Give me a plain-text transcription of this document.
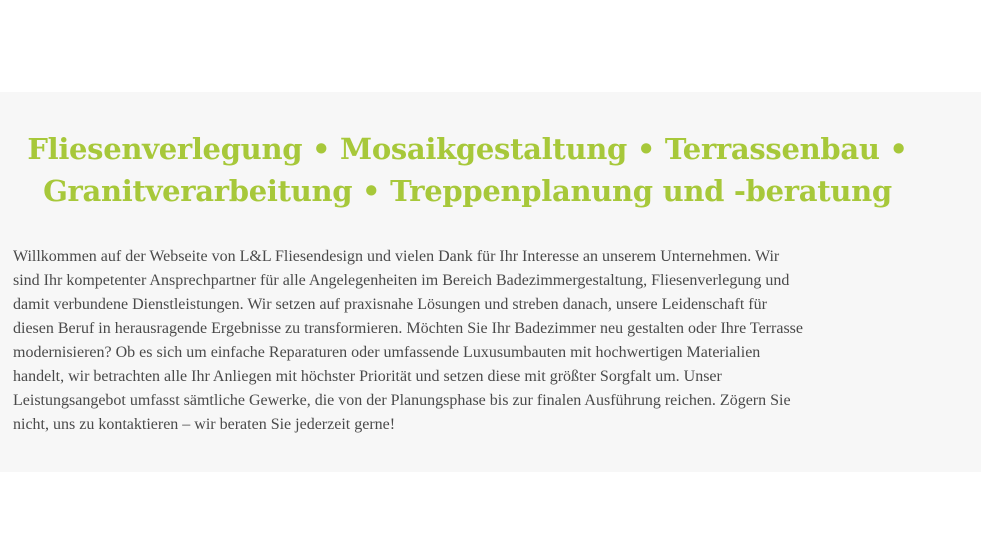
Fliesenverlegung • Mosaikgestaltung • Terrassenbau •
Granitverarbeitung • Treppenplanung und -beratung

Willkommen auf der Webseite von L&L Fliesendesign und vielen Dank für Ihr Interesse an unserem Unternehmen. Wir
sind Ihr kompetenter Ansprechpartner für alle Angelegenheiten im Bereich Badezimmergestaltung, Fliesenverlegung und
damit verbundene Dienstleistungen. Wir setzen auf praxisnahe Lösungen und streben danach, unsere Leidenschaft für
diesen Beruf in herausragende Ergebnisse zu transformieren. Möchten Sie Ihr Badezimmer neu gestalten oder Ihre Terrasse
modernisieren? Ob es sich um einfache Reparaturen oder umfassende Luxusumbauten mit hochwertigen Materialien
handelt, wir betrachten alle Ihr Anliegen mit höchster Priorität und setzen diese mit größter Sorgfalt um. Unser
Leistungsangebot umfasst sämtliche Gewerke, die von der Planungsphase bis zur finalen Ausführung reichen. Zögern Sie
nicht, uns zu kontaktieren – wir beraten Sie jederzeit gerne!
